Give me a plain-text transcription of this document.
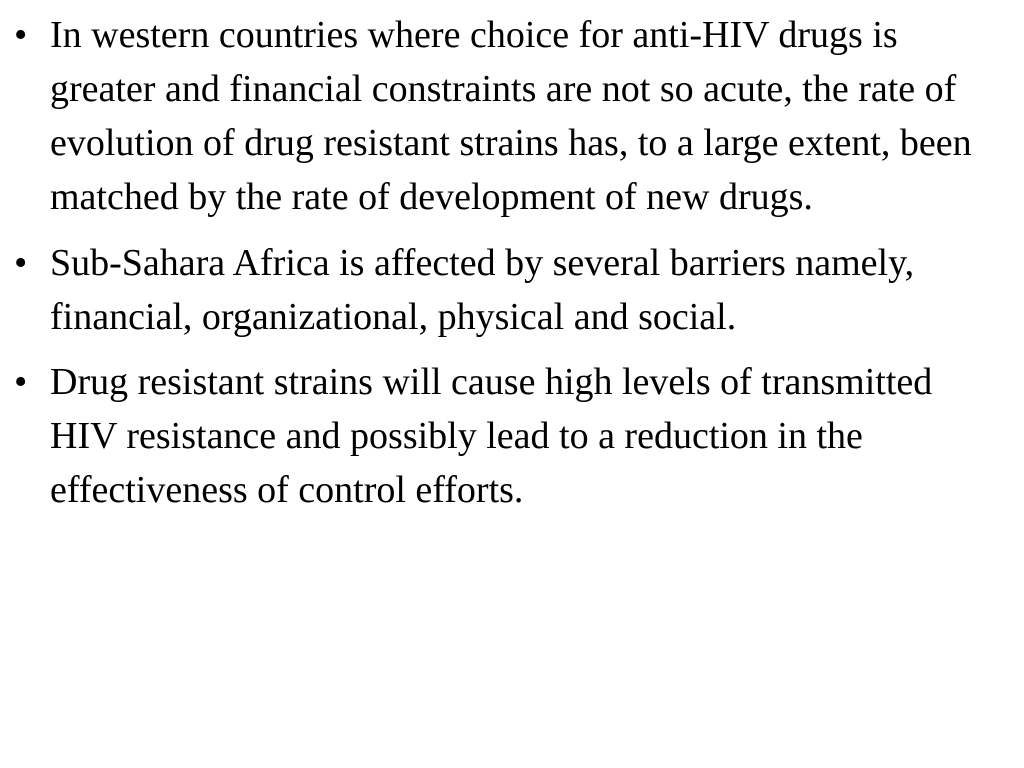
• In western countries where choice for anti-HIV drugs is greater and financial constraints are not so acute, the rate of evolution of drug resistant strains has, to a large extent, been matched by the rate of development of new drugs.
• Sub-Sahara Africa is affected by several barriers namely, financial, organizational, physical and social.
• Drug resistant strains will cause high levels of transmitted HIV resistance and possibly lead to a reduction in the effectiveness of control efforts.
